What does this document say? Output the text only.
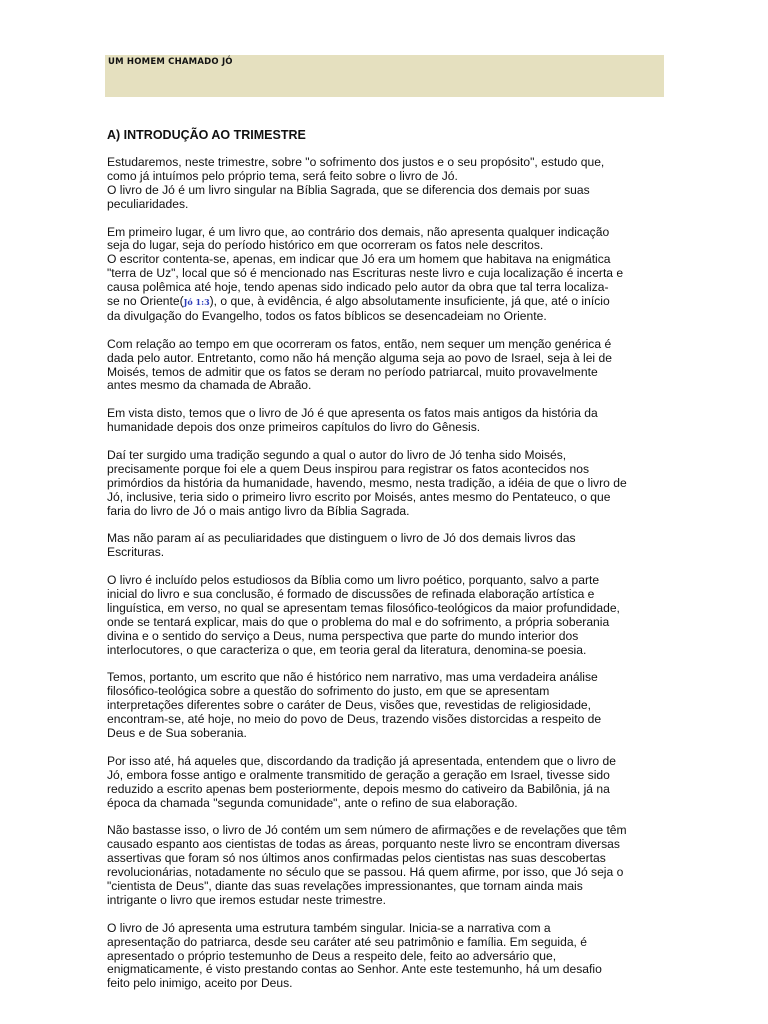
UM HOMEM CHAMADO JÓ
A) INTRODUÇÃO AO TRIMESTRE

Estudaremos, neste trimestre, sobre "o sofrimento dos justos e o seu propósito", estudo que,
como já intuímos pelo próprio tema, será feito sobre o livro de Jó.
O livro de Jó é um livro singular na Bíblia Sagrada, que se diferencia dos demais por suas
peculiaridades.

Em primeiro lugar, é um livro que, ao contrário dos demais, não apresenta qualquer indicação
seja do lugar, seja do período histórico em que ocorreram os fatos nele descritos.
O escritor contenta-se, apenas, em indicar que Jó era um homem que habitava na enigmática
"terra de Uz", local que só é mencionado nas Escrituras neste livro e cuja localização é incerta e
causa polêmica até hoje, tendo apenas sido indicado pelo autor da obra que tal terra localiza-
se no Oriente(Jó 1:3), o que, à evidência, é algo absolutamente insuficiente, já que, até o início
da divulgação do Evangelho, todos os fatos bíblicos se desencadeiam no Oriente.

Com relação ao tempo em que ocorreram os fatos, então, nem sequer um menção genérica é
dada pelo autor. Entretanto, como não há menção alguma seja ao povo de Israel, seja à lei de
Moisés, temos de admitir que os fatos se deram no período patriarcal, muito provavelmente
antes mesmo da chamada de Abraão.

Em vista disto, temos que o livro de Jó é que apresenta os fatos mais antigos da história da
humanidade depois dos onze primeiros capítulos do livro do Gênesis.

Daí ter surgido uma tradição segundo a qual o autor do livro de Jó tenha sido Moisés,
precisamente porque foi ele a quem Deus inspirou para registrar os fatos acontecidos nos
primórdios da história da humanidade, havendo, mesmo, nesta tradição, a idéia de que o livro de
Jó, inclusive, teria sido o primeiro livro escrito por Moisés, antes mesmo do Pentateuco, o que
faria do livro de Jó o mais antigo livro da Bíblia Sagrada.

Mas não param aí as peculiaridades que distinguem o livro de Jó dos demais livros das
Escrituras.

O livro é incluído pelos estudiosos da Bíblia como um livro poético, porquanto, salvo a parte
inicial do livro e sua conclusão, é formado de discussões de refinada elaboração artística e
linguística, em verso, no qual se apresentam temas filosófico-teológicos da maior profundidade,
onde se tentará explicar, mais do que o problema do mal e do sofrimento, a própria soberania
divina e o sentido do serviço a Deus, numa perspectiva que parte do mundo interior dos
interlocutores, o que caracteriza o que, em teoria geral da literatura, denomina-se poesia.

Temos, portanto, um escrito que não é histórico nem narrativo, mas uma verdadeira análise
filosófico-teológica sobre a questão do sofrimento do justo, em que se apresentam
interpretações diferentes sobre o caráter de Deus, visões que, revestidas de religiosidade,
encontram-se, até hoje, no meio do povo de Deus, trazendo visões distorcidas a respeito de
Deus e de Sua soberania.

Por isso até, há aqueles que, discordando da tradição já apresentada, entendem que o livro de
Jó, embora fosse antigo e oralmente transmitido de geração a geração em Israel, tivesse sido
reduzido a escrito apenas bem posteriormente, depois mesmo do cativeiro da Babilônia, já na
época da chamada "segunda comunidade", ante o refino de sua elaboração.

Não bastasse isso, o livro de Jó contém um sem número de afirmações e de revelações que têm
causado espanto aos cientistas de todas as áreas, porquanto neste livro se encontram diversas
assertivas que foram só nos últimos anos confirmadas pelos cientistas nas suas descobertas
revolucionárias, notadamente no século que se passou. Há quem afirme, por isso, que Jó seja o
"cientista de Deus", diante das suas revelações impressionantes, que tornam ainda mais
intrigante o livro que iremos estudar neste trimestre.

O livro de Jó apresenta uma estrutura também singular. Inicia-se a narrativa com a
apresentação do patriarca, desde seu caráter até seu patrimônio e família. Em seguida, é
apresentado o próprio testemunho de Deus a respeito dele, feito ao adversário que,
enigmaticamente, é visto prestando contas ao Senhor. Ante este testemunho, há um desafio
feito pelo inimigo, aceito por Deus.
